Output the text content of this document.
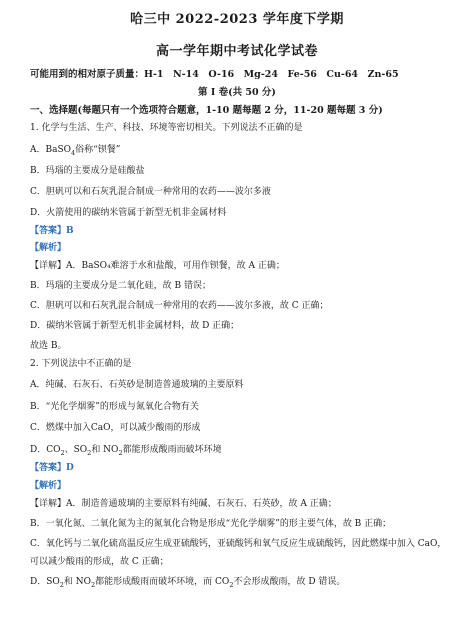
哈三中 2022-2023 学年度下学期
高一学年期中考试化学试卷
可能用到的相对原子质量：H-1　N-14　O-16　Mg-24　Fe-56　Cu-64　Zn-65
第 I 卷(共 50 分)
一、选择题(每题只有一个选项符合题意，1-10 题每题 2 分，11-20 题每题 3 分)
1. 化学与生活、生产、科技、环境等密切相关。下列说法不正确的是
A．BaSO$_4$俗称“钡餐”
B．玛瑙的主要成分是硅酸盐
C．胆矾可以和石灰乳混合制成一种常用的农药——波尔多液
D．火箭使用的碳纳米管属于新型无机非金属材料
【答案】B
【解析】
【详解】A．BaSO₄难溶于水和盐酸，可用作钡餐，故 A 正确；
B．玛瑙的主要成分是二氧化硅，故 B 错误；
C．胆矾可以和石灰乳混合制成一种常用的农药——波尔多液，故 C 正确；
D．碳纳米管属于新型无机非金属材料，故 D 正确；
故选 B。
2. 下列说法中不正确的是
A．纯碱、石灰石、石英砂是制造普通玻璃的主要原料
B．“光化学烟雾”的形成与氮氧化合物有关
C．燃煤中加入CaO，可以减少酸雨的形成
D．$CO_2$、$SO_2$和 $NO_2$都能形成酸雨而破坏环境
【答案】D
【解析】
【详解】A．制造普通玻璃的主要原料有纯碱、石灰石、石英砂，故 A 正确；
B．一氧化氮、二氧化氮为主的氮氧化合物是形成“光化学烟雾”的形主要气体，故 B 正确；
C．氧化钙与二氧化硫高温反应生成亚硫酸钙，亚硫酸钙和氧气反应生成硫酸钙，因此燃煤中加入 CaO，
可以减少酸雨的形成，故 C 正确；
D．$SO_2$和 $NO_2$都能形成酸雨而破坏环境，而 $CO_2$不会形成酸雨，故 D 错误。
